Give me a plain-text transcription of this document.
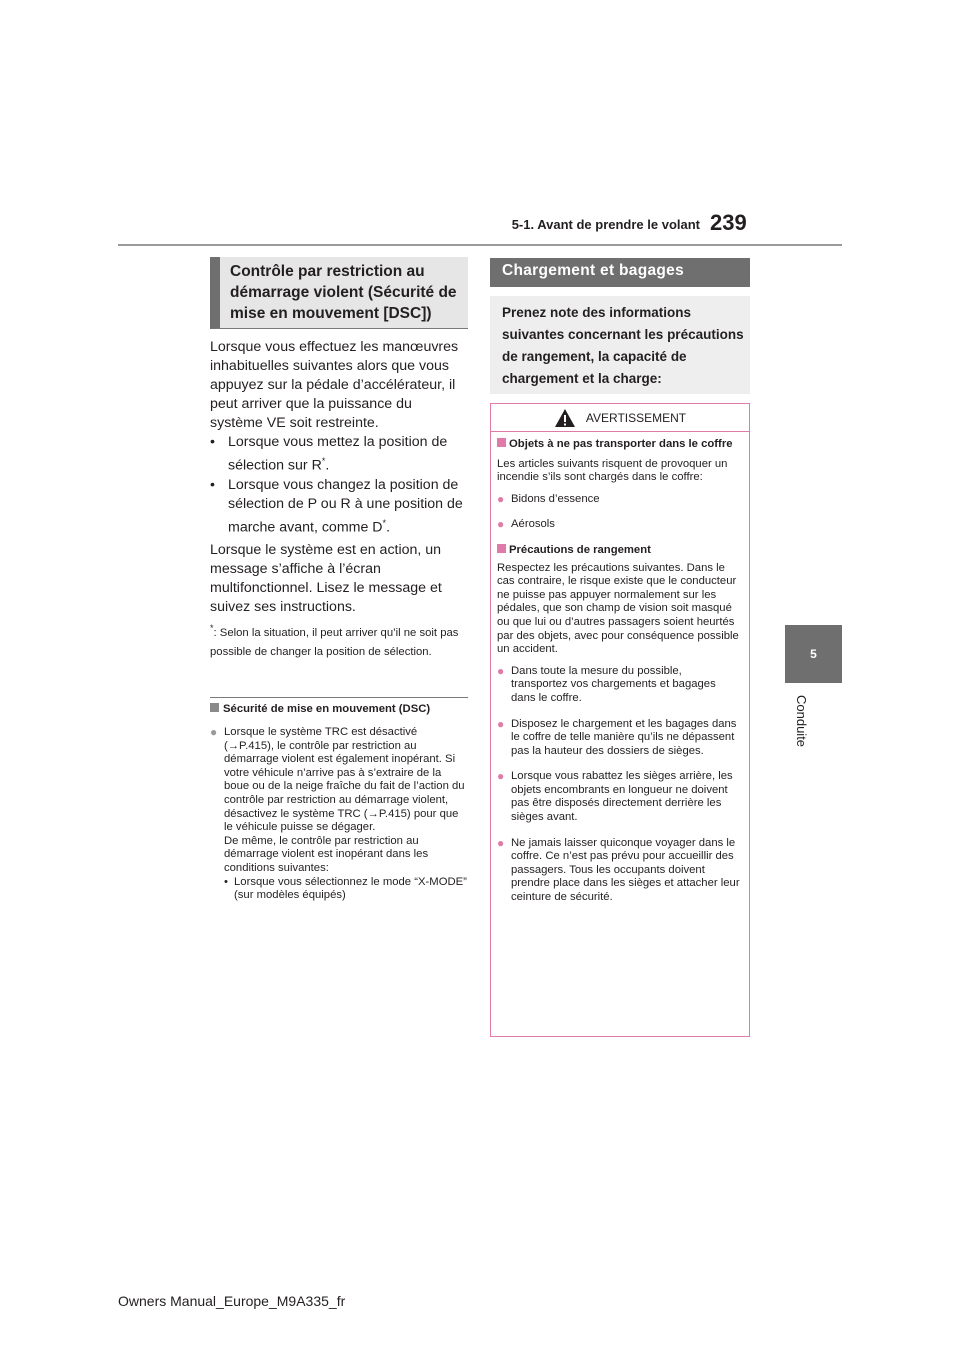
5-1. Avant de prendre le volant 239
5
Conduite
Contrôle par restriction au démarrage violent (Sécurité de mise en mouvement [DSC])

Lorsque vous effectuez les manœuvres inhabituelles suivantes alors que vous appuyez sur la pédale d’accélérateur, il peut arriver que la puissance du système VE soit restreinte.

• Lorsque vous mettez la position de sélection sur R*.
• Lorsque vous changez la position de sélection de P ou R à une position de marche avant, comme D*.

Lorsque le système est en action, un message s’affiche à l’écran multifonctionnel. Lisez le message et suivez ses instructions.

*: Selon la situation, il peut arriver qu’il ne soit pas possible de changer la position de sélection.
Sécurité de mise en mouvement (DSC)
● Lorsque le système TRC est désactivé (→P.415), le contrôle par restriction au démarrage violent est également inopérant. Si votre véhicule n’arrive pas à s’extraire de la boue ou de la neige fraîche du fait de l’action du contrôle par restriction au démarrage violent, désactivez le système TRC (→P.415) pour que le véhicule puisse se dégager.
De même, le contrôle par restriction au démarrage violent est inopérant dans les conditions suivantes:
• Lorsque vous sélectionnez le mode “X-MODE” (sur modèles équipés)
Chargement et bagages
Prenez note des informations suivantes concernant les précautions de rangement, la capacité de chargement et la charge:
AVERTISSEMENT
Objets à ne pas transporter dans le coffre
Les articles suivants risquent de provoquer un incendie s’ils sont chargés dans le coffre:
● Bidons d’essence
● Aérosols
Précautions de rangement
Respectez les précautions suivantes. Dans le cas contraire, le risque existe que le conducteur ne puisse pas appuyer normalement sur les pédales, que son champ de vision soit masqué ou que lui ou d’autres passagers soient heurtés par des objets, avec pour conséquence possible un accident.
● Dans toute la mesure du possible, transportez vos chargements et bagages dans le coffre.
● Disposez le chargement et les bagages dans le coffre de telle manière qu’ils ne dépassent pas la hauteur des dossiers de sièges.
● Lorsque vous rabattez les sièges arrière, les objets encombrants en longueur ne doivent pas être disposés directement derrière les sièges avant.
● Ne jamais laisser quiconque voyager dans le coffre. Ce n’est pas prévu pour accueillir des passagers. Tous les occupants doivent prendre place dans les sièges et attacher leur ceinture de sécurité.
Owners Manual_Europe_M9A335_fr
